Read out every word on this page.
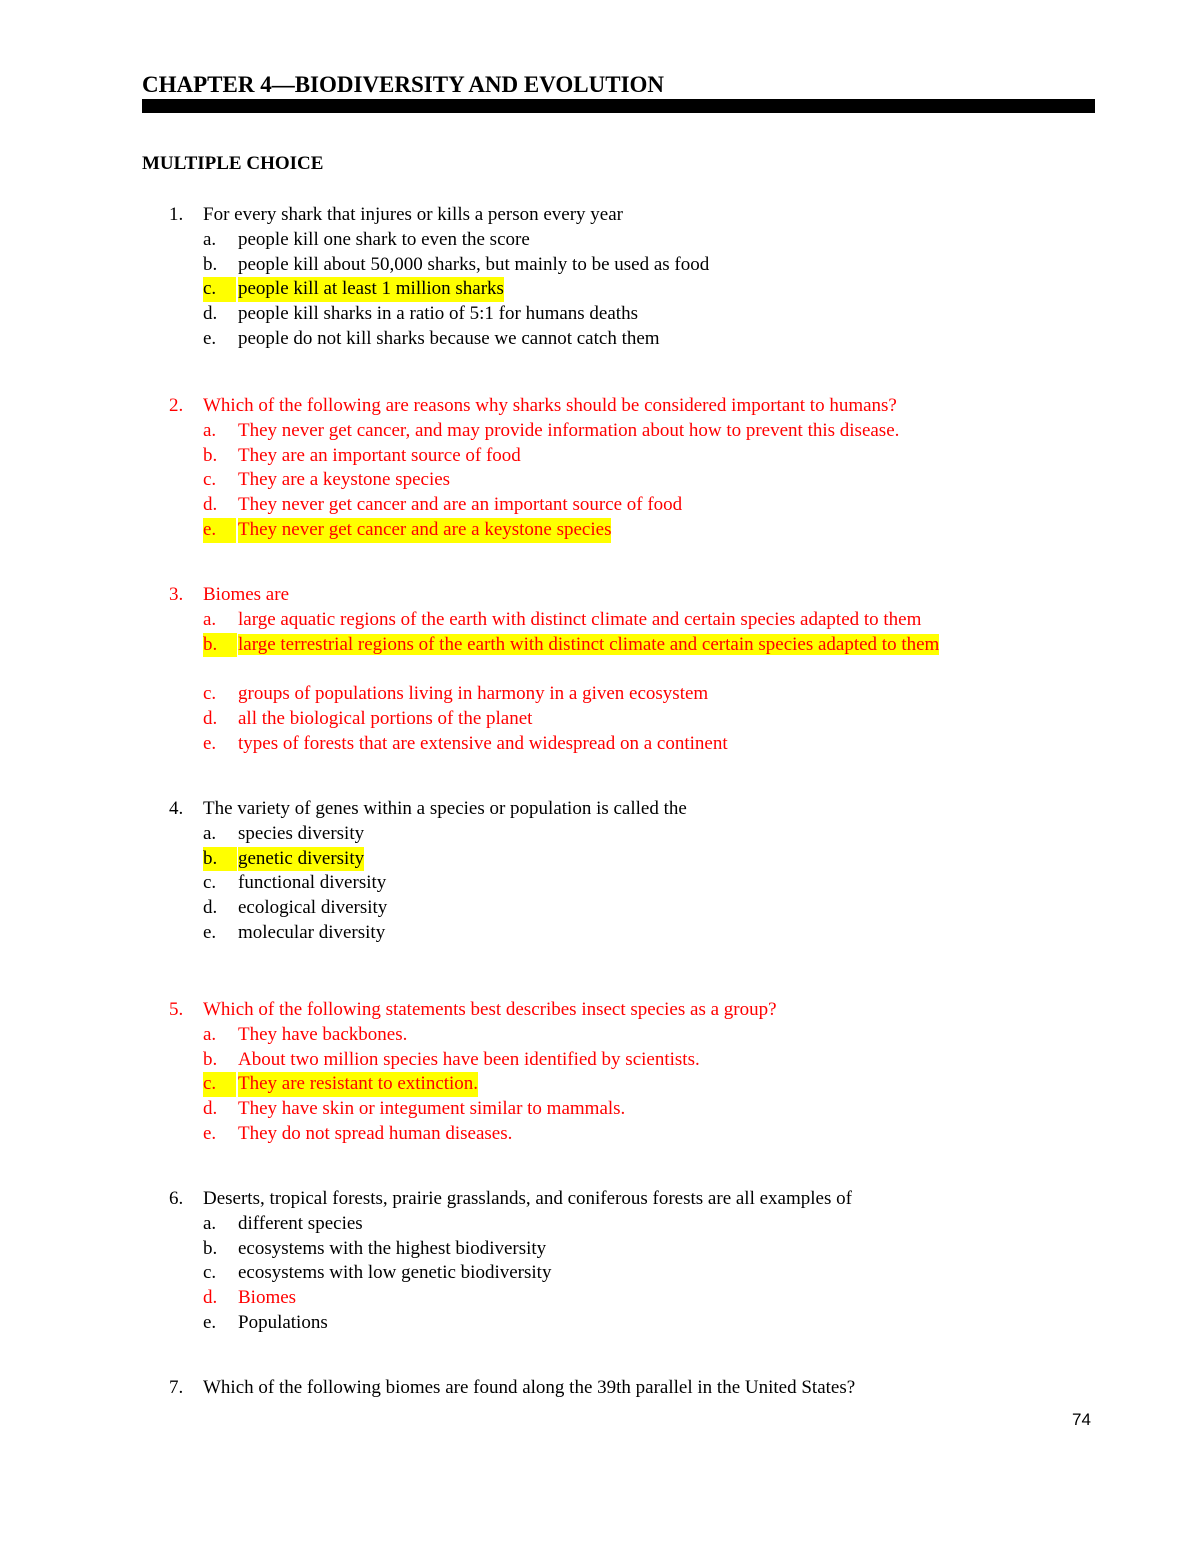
CHAPTER 4—BIODIVERSITY AND EVOLUTION
MULTIPLE CHOICE
1. For every shark that injures or kills a person every year
a. people kill one shark to even the score
b. people kill about 50,000 sharks, but mainly to be used as food
c.	people kill at least 1 million sharks
d. people kill sharks in a ratio of 5:1 for humans deaths
e. people do not kill sharks because we cannot catch them
2. Which of the following are reasons why sharks should be considered important to humans?
a. They never get cancer, and may provide information about how to prevent this disease.
b. They are an important source of food
c. They are a keystone species
d. They never get cancer and are an important source of food
e.	They never get cancer and are a keystone species
3. Biomes are
a. large aquatic regions of the earth with distinct climate and certain species adapted to them
b.	large terrestrial regions of the earth with distinct climate and certain species adapted to them
c. groups of populations living in harmony in a given ecosystem
d. all the biological portions of the planet
e. types of forests that are extensive and widespread on a continent
4. The variety of genes within a species or population is called the
a. species diversity
b.	genetic diversity
c. functional diversity
d. ecological diversity
e. molecular diversity
5. Which of the following statements best describes insect species as a group?
a. They have backbones.
b. About two million species have been identified by scientists.
c.	They are resistant to extinction.
d. They have skin or integument similar to mammals.
e. They do not spread human diseases.
6. Deserts, tropical forests, prairie grasslands, and coniferous forests are all examples of
a. different species
b. ecosystems with the highest biodiversity
c. ecosystems with low genetic biodiversity
d. Biomes
e. Populations
7. Which of the following biomes are found along the 39th parallel in the United States?
74
